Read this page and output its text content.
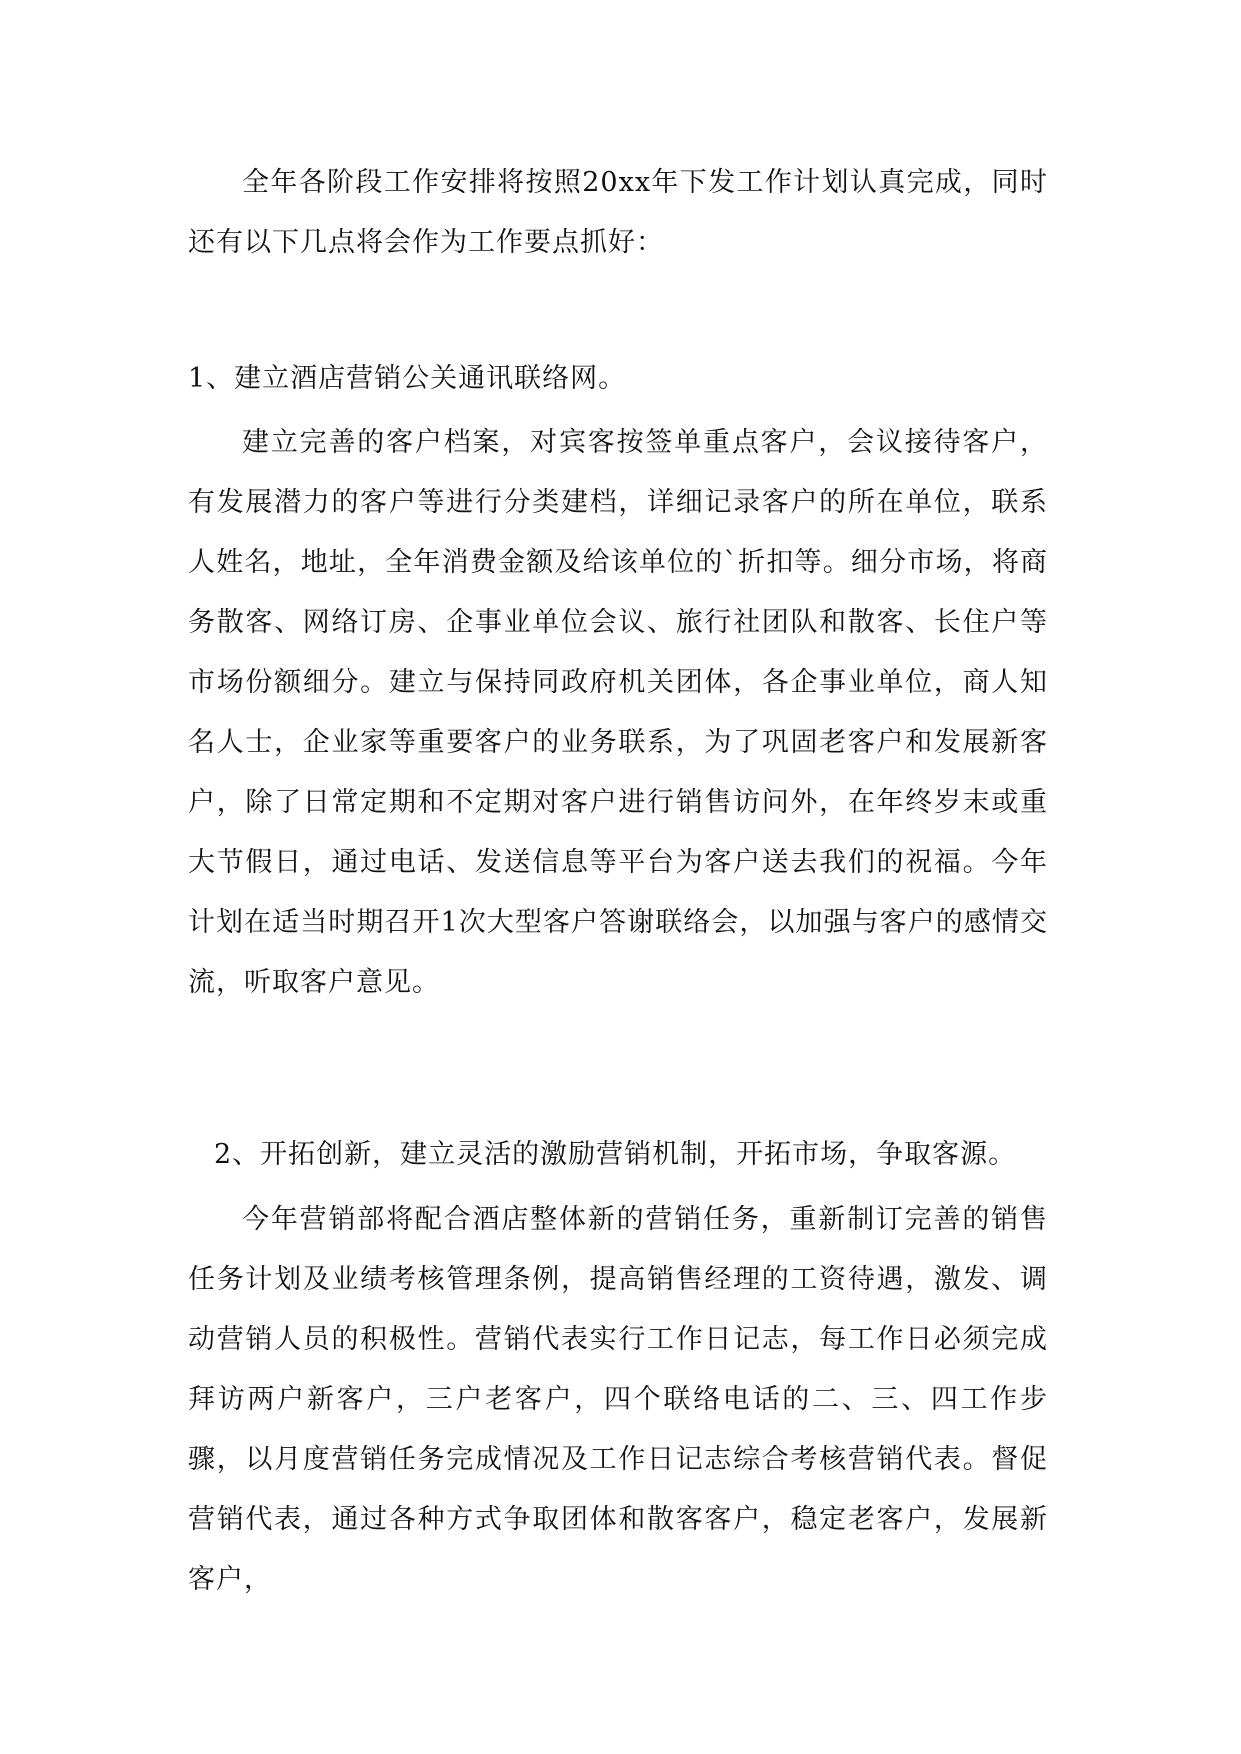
全年各阶段工作安排将按照20xx年下发工作计划认真完成，同时还有以下几点将会作为工作要点抓好：
1、建立酒店营销公关通讯联络网。
建立完善的客户档案，对宾客按签单重点客户，会议接待客户，有发展潜力的客户等进行分类建档，详细记录客户的所在单位，联系人姓名，地址，全年消费金额及给该单位的`折扣等。细分市场，将商务散客、网络订房、企事业单位会议、旅行社团队和散客、长住户等市场份额细分。建立与保持同政府机关团体，各企事业单位，商人知名人士，企业家等重要客户的业务联系，为了巩固老客户和发展新客户，除了日常定期和不定期对客户进行销售访问外，在年终岁末或重大节假日，通过电话、发送信息等平台为客户送去我们的祝福。今年计划在适当时期召开1次大型客户答谢联络会，以加强与客户的感情交流，听取客户意见。
2、开拓创新，建立灵活的激励营销机制，开拓市场，争取客源。
今年营销部将配合酒店整体新的营销任务，重新制订完善的销售任务计划及业绩考核管理条例，提高销售经理的工资待遇，激发、调动营销人员的积极性。营销代表实行工作日记志，每工作日必须完成拜访两户新客户，三户老客户，四个联络电话的二、三、四工作步骤，以月度营销任务完成情况及工作日记志综合考核营销代表。督促营销代表，通过各种方式争取团体和散客客户，稳定老客户，发展新客户，
